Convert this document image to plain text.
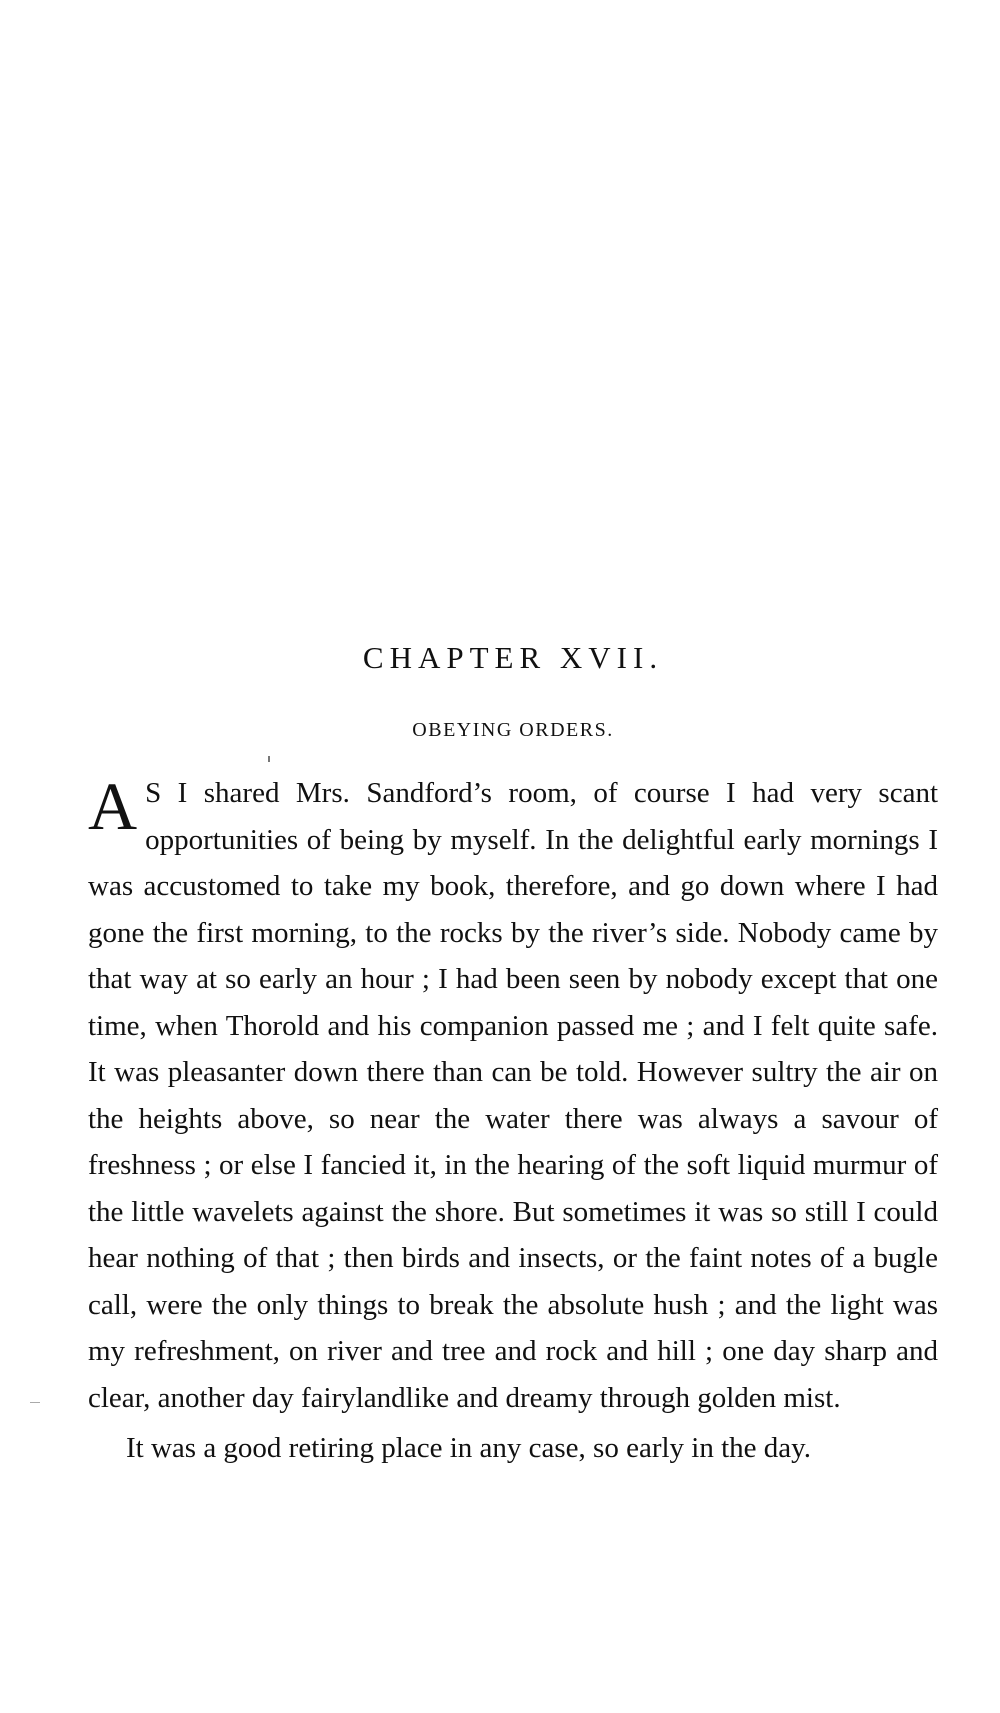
CHAPTER XVII.
OBEYING ORDERS.

A S I shared Mrs. Sandford’s room, of course I had very scant opportunities of being by myself. In the delightful early mornings I was accustomed to take my book, therefore, and go down where I had gone the first morning, to the rocks by the river’s side. Nobody came by that way at so early an hour ; I had been seen by nobody except that one time, when Thorold and his companion passed me ; and I felt quite safe. It was pleasanter down there than can be told. However sultry the air on the heights above, so near the water there was always a savour of freshness ; or else I fancied it, in the hearing of the soft liquid murmur of the little wavelets against the shore. But sometimes it was so still I could hear nothing of that ; then birds and insects, or the faint notes of a bugle call, were the only things to break the absolute hush ; and the light was my refreshment, on river and tree and rock and hill ; one day sharp and clear, another day fairylandlike and dreamy through golden mist.

It was a good retiring place in any case, so early in the day.
